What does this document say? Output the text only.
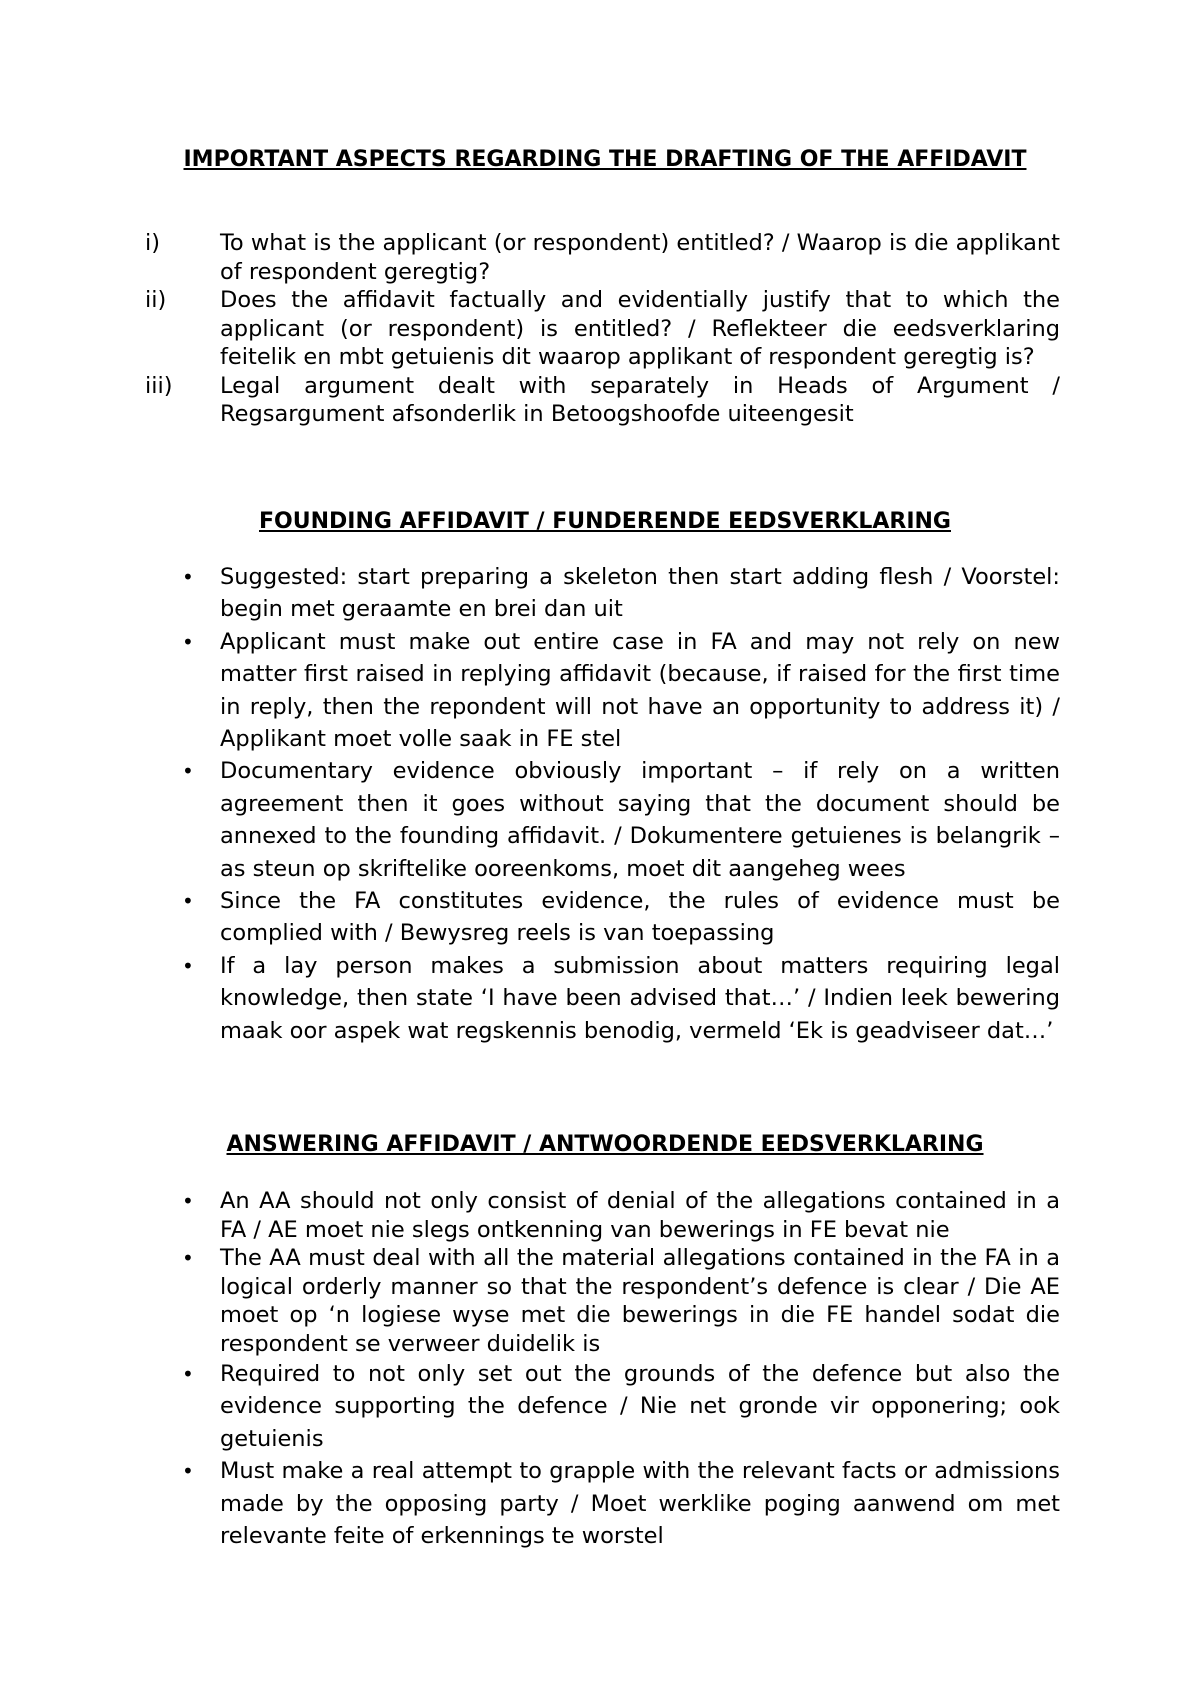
IMPORTANT ASPECTS REGARDING THE DRAFTING OF THE AFFIDAVIT
i)	To what is the applicant (or respondent) entitled? / Waarop is die applikant of respondent geregtig?
ii) Does the affidavit factually and evidentially justify that to which the applicant (or respondent) is entitled? / Reflekteer die eedsverklaring feitelik en mbt getuienis dit waarop applikant of respondent geregtig is?
iii) Legal argument dealt with separately in Heads of Argument / Regsargument afsonderlik in Betoogshoofde uiteengesit
FOUNDING AFFIDAVIT / FUNDERENDE EEDSVERKLARING
• Suggested: start preparing a skeleton then start adding flesh / Voorstel: begin met geraamte en brei dan uit
• Applicant must make out entire case in FA and may not rely on new matter first raised in replying affidavit (because, if raised for the first time in reply, then the repondent will not have an opportunity to address it) / Applikant moet volle saak in FE stel
• Documentary evidence obviously important – if rely on a written agreement then it goes without saying that the document should be annexed to the founding affidavit. / Dokumentere getuienes is belangrik – as steun op skriftelike ooreenkoms, moet dit aangeheg wees
• Since the FA constitutes evidence, the rules of evidence must be complied with / Bewysreg reels is van toepassing
• If a lay person makes a submission about matters requiring legal knowledge, then state ‘I have been advised that…’ / Indien leek bewering maak oor aspek wat regskennis benodig, vermeld ‘Ek is geadviseer dat…’
ANSWERING AFFIDAVIT / ANTWOORDENDE EEDSVERKLARING
• An AA should not only consist of denial of the allegations contained in a FA / AE moet nie slegs ontkenning van bewerings in FE bevat nie
• The AA must deal with all the material allegations contained in the FA in a logical orderly manner so that the respondent’s defence is clear / Die AE moet op ‘n logiese wyse met die bewerings in die FE handel sodat die respondent se verweer duidelik is
• Required to not only set out the grounds of the defence but also the evidence supporting the defence / Nie net gronde vir opponering; ook getuienis
• Must make a real attempt to grapple with the relevant facts or admissions made by the opposing party / Moet werklike poging aanwend om met relevante feite of erkennings te worstel
